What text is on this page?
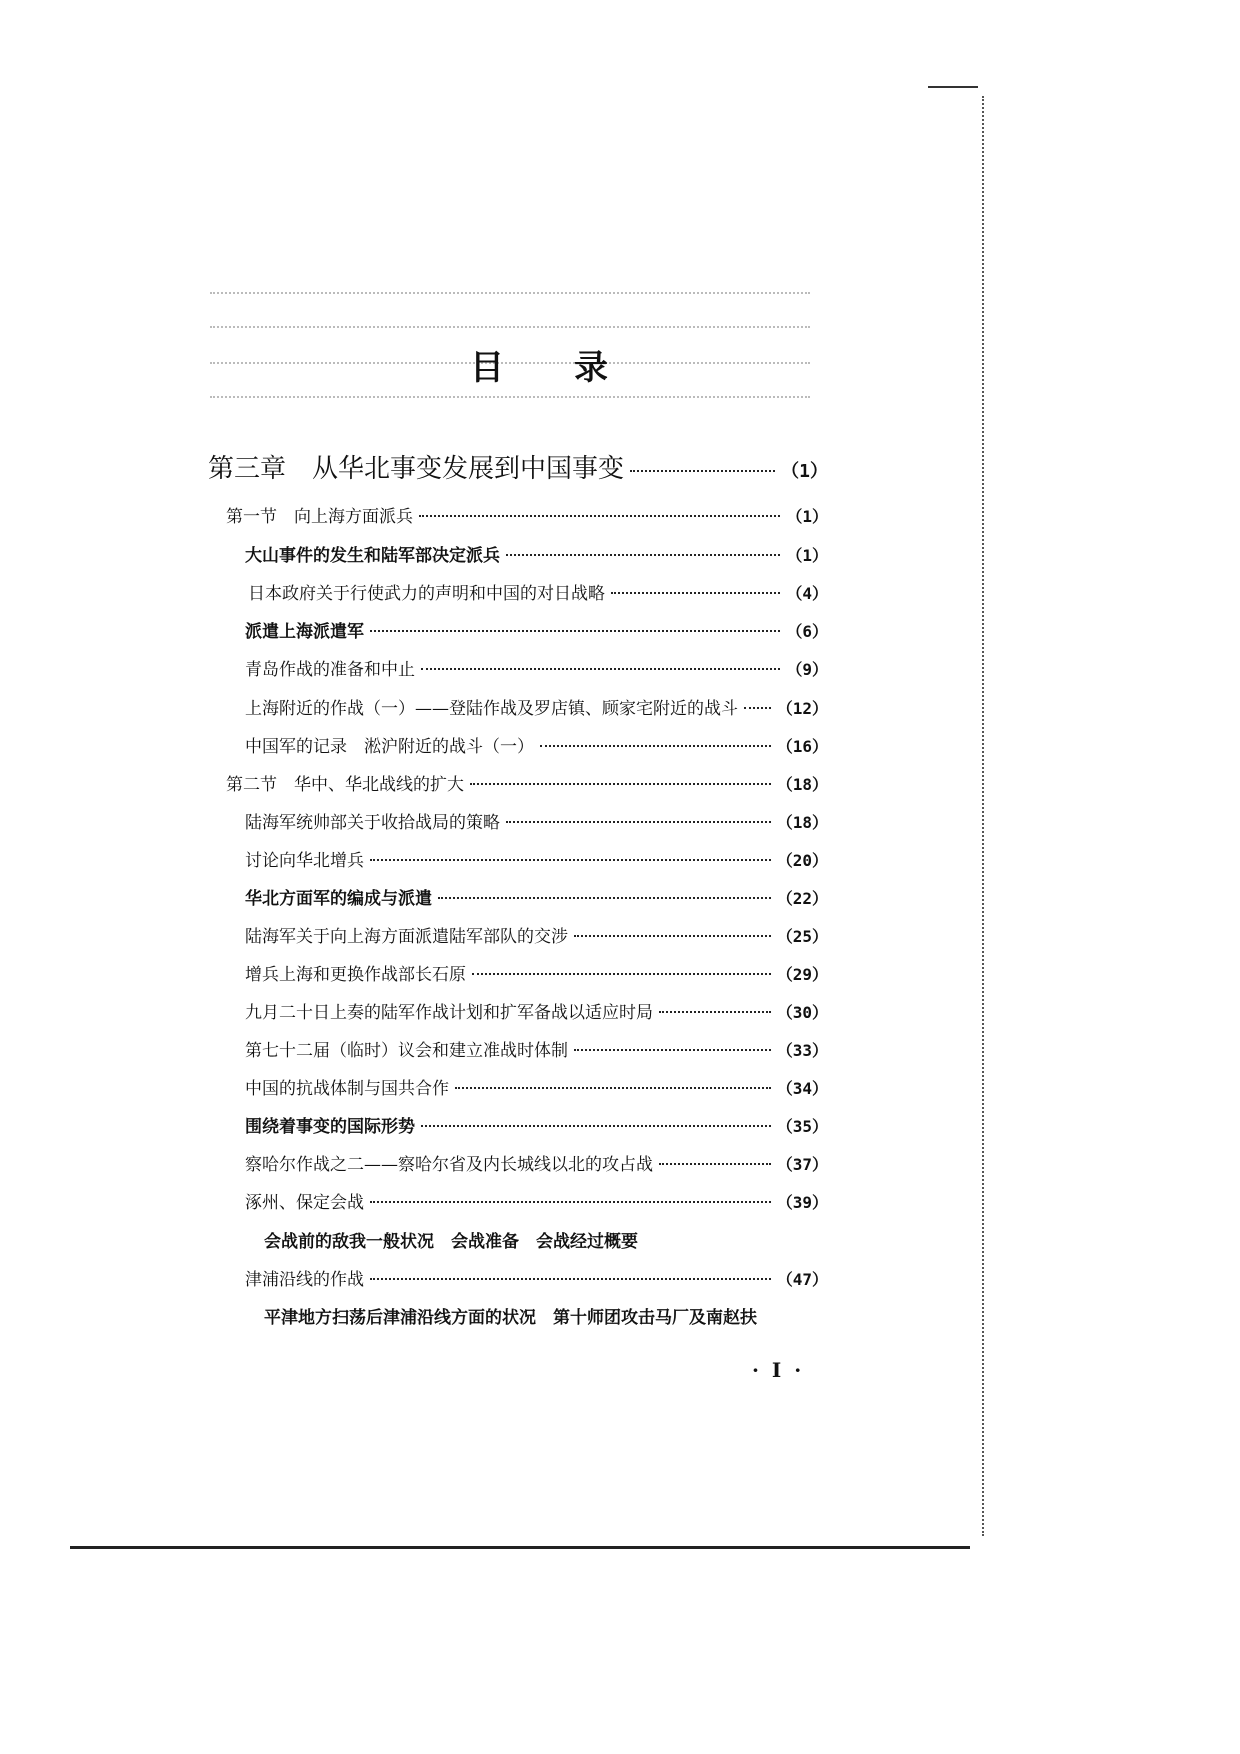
目 录
第三章　从华北事变发展到中国事变	（1）
第一节　向上海方面派兵	（1）
大山事件的发生和陆军部决定派兵	（1）
日本政府关于行使武力的声明和中国的对日战略	（4）
派遣上海派遣军	（6）
青岛作战的准备和中止	（9）
上海附近的作战（一）——登陆作战及罗店镇、顾家宅附近的战斗 （12）
中国军的记录　淞沪附近的战斗（一）	（16）
第二节　华中、华北战线的扩大	（18）
陆海军统帅部关于收拾战局的策略	（18）
讨论向华北增兵	（20）
华北方面军的编成与派遣	（22）
陆海军关于向上海方面派遣陆军部队的交涉	（25）
增兵上海和更换作战部长石原	（29）
九月二十日上奏的陆军作战计划和扩军备战以适应时局	（30）
第七十二届（临时）议会和建立准战时体制	（33）
中国的抗战体制与国共合作	（34）
围绕着事变的国际形势	（35）
察哈尔作战之二——察哈尔省及内长城线以北的攻占战	（37）
涿州、保定会战	（39）
会战前的敌我一般状况　会战准备　会战经过概要
津浦沿线的作战	（47）
平津地方扫荡后津浦沿线方面的状况　第十师团攻击马厂及南赵扶
· I ·
